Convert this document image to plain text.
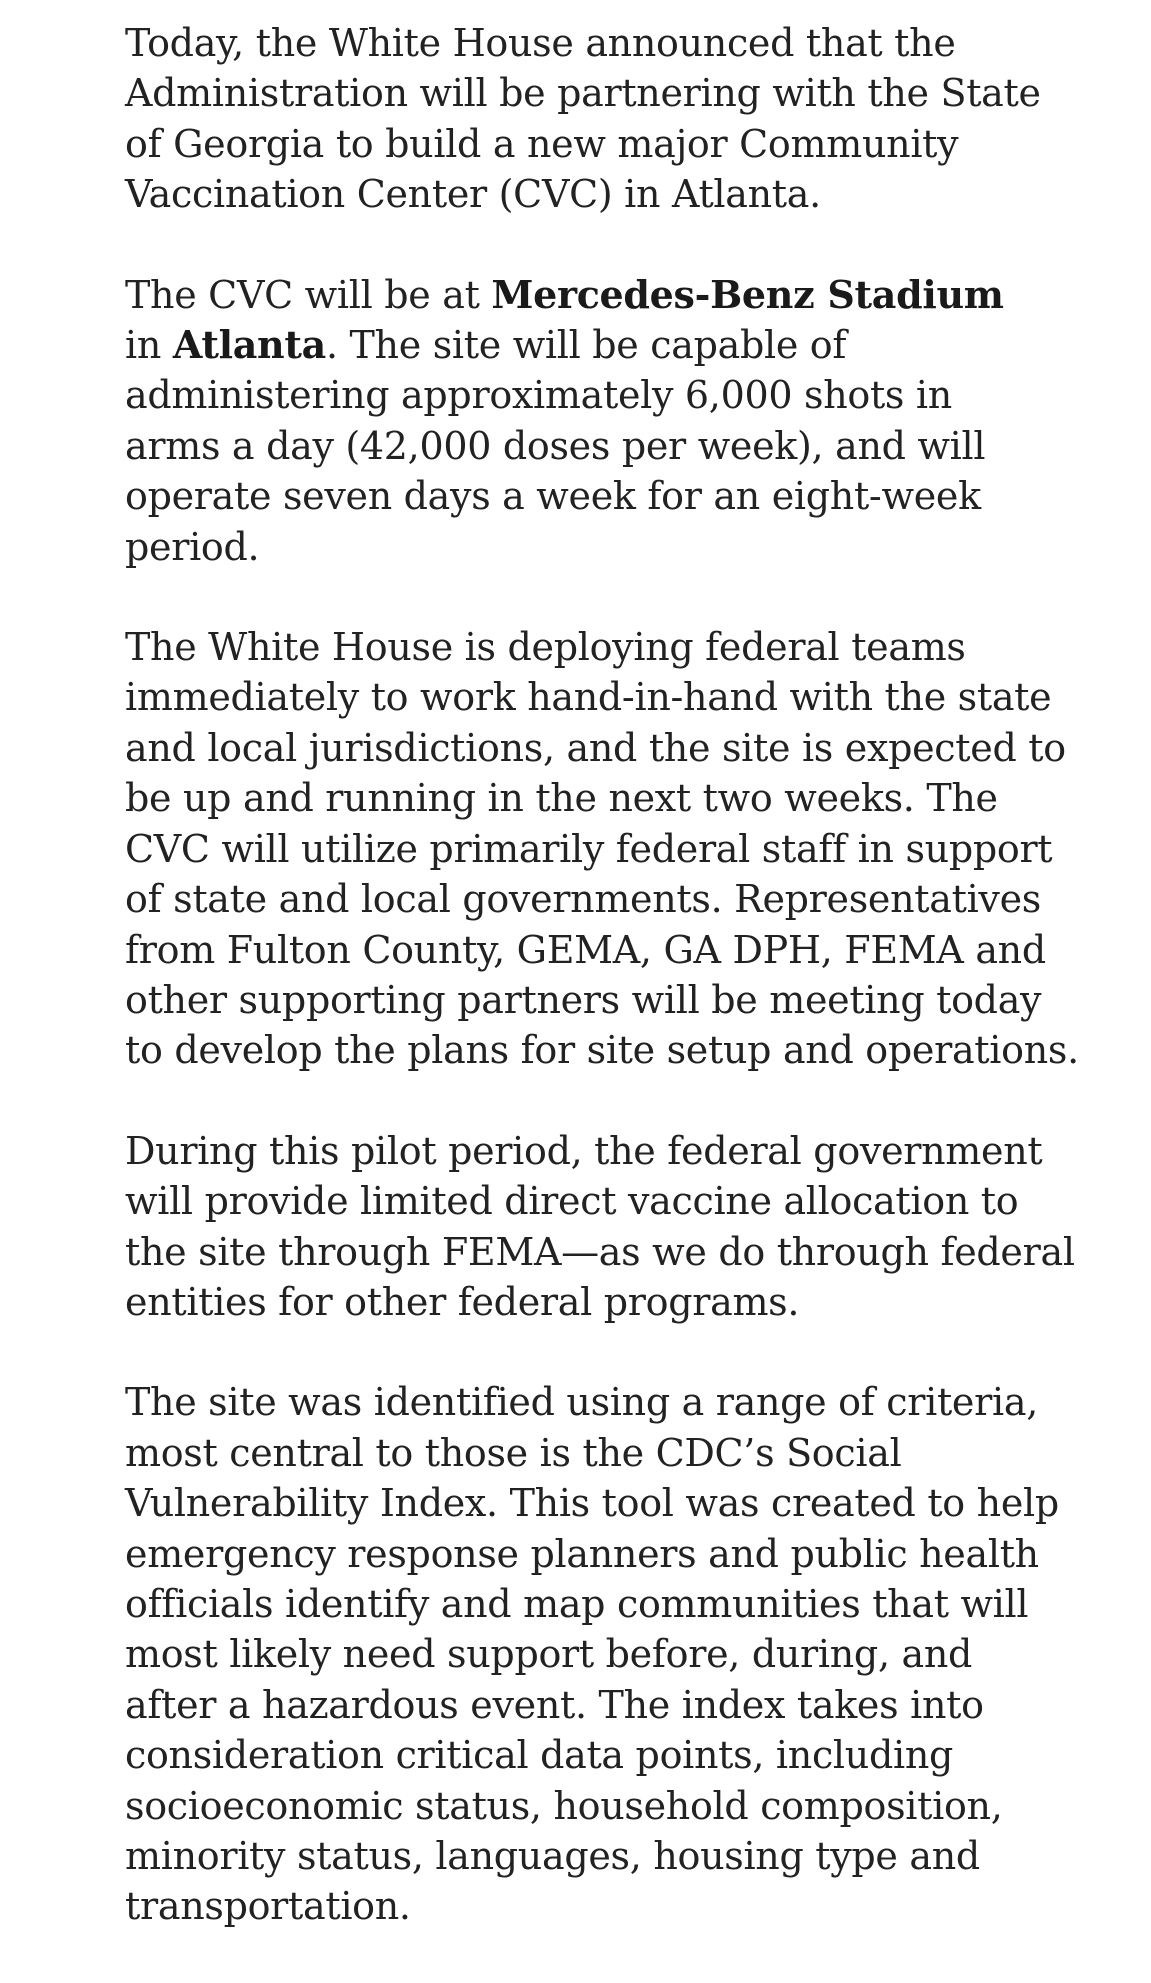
Today, the White House announced that the
Administration will be partnering with the State
of Georgia to build a new major Community
Vaccination Center (CVC) in Atlanta.

The CVC will be at Mercedes-Benz Stadium
in Atlanta. The site will be capable of
administering approximately 6,000 shots in
arms a day (42,000 doses per week), and will
operate seven days a week for an eight-week
period.

The White House is deploying federal teams
immediately to work hand-in-hand with the state
and local jurisdictions, and the site is expected to
be up and running in the next two weeks. The
CVC will utilize primarily federal staff in support
of state and local governments. Representatives
from Fulton County, GEMA, GA DPH, FEMA and
other supporting partners will be meeting today
to develop the plans for site setup and operations.

During this pilot period, the federal government
will provide limited direct vaccine allocation to
the site through FEMA—as we do through federal
entities for other federal programs.

The site was identified using a range of criteria,
most central to those is the CDC’s Social
Vulnerability Index. This tool was created to help
emergency response planners and public health
officials identify and map communities that will
most likely need support before, during, and
after a hazardous event. The index takes into
consideration critical data points, including
socioeconomic status, household composition,
minority status, languages, housing type and
transportation.
